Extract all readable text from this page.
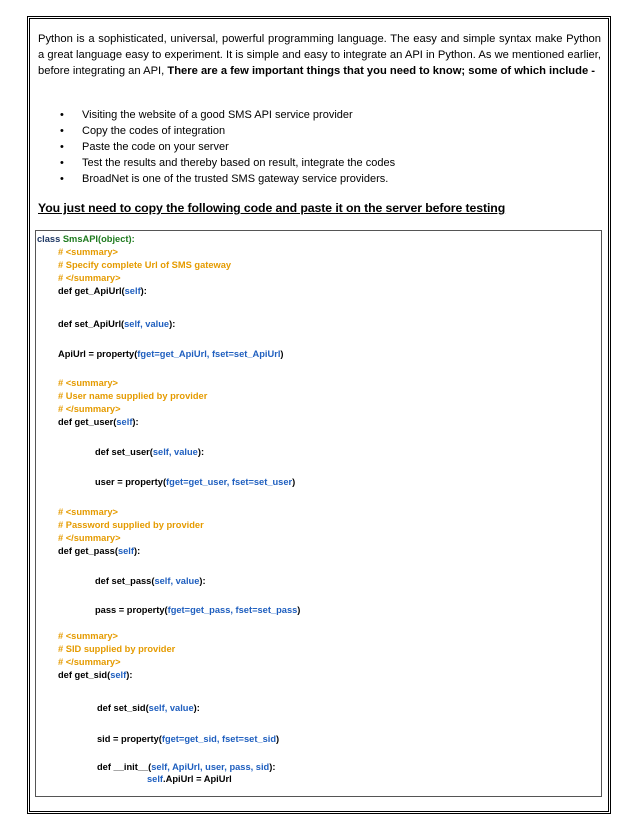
Python is a sophisticated, universal, powerful programming language. The easy and simple syntax make Python a great language easy to experiment. It is simple and easy to integrate an API in Python. As we mentioned earlier, before integrating an API, There are a few important things that you need to know; some of which include -
• Visiting the website of a good SMS API service provider
• Copy the codes of integration
• Paste the code on your server
• Test the results and thereby based on result, integrate the codes
• BroadNet is one of the trusted SMS gateway service providers.
You just need to copy the following code and paste it on the server before testing
class SmsAPI(object):
# <summary>
# Specify complete Url of SMS gateway
# </summary>
def get_ApiUrl(self):
def set_ApiUrl(self, value):
ApiUrl = property(fget=get_ApiUrl, fset=set_ApiUrl)
# <summary>
# User name supplied by provider
# </summary>
def get_user(self):
def set_user(self, value):
user = property(fget=get_user, fset=set_user)
# <summary>
# Password supplied by provider
# </summary>
def get_pass(self):
def set_pass(self, value):
pass = property(fget=get_pass, fset=set_pass)
# <summary>
# SID supplied by provider
# </summary>
def get_sid(self):
def set_sid(self, value):
sid = property(fget=get_sid, fset=set_sid)
def __init__(self, ApiUrl, user, pass, sid):
self.ApiUrl = ApiUrl
